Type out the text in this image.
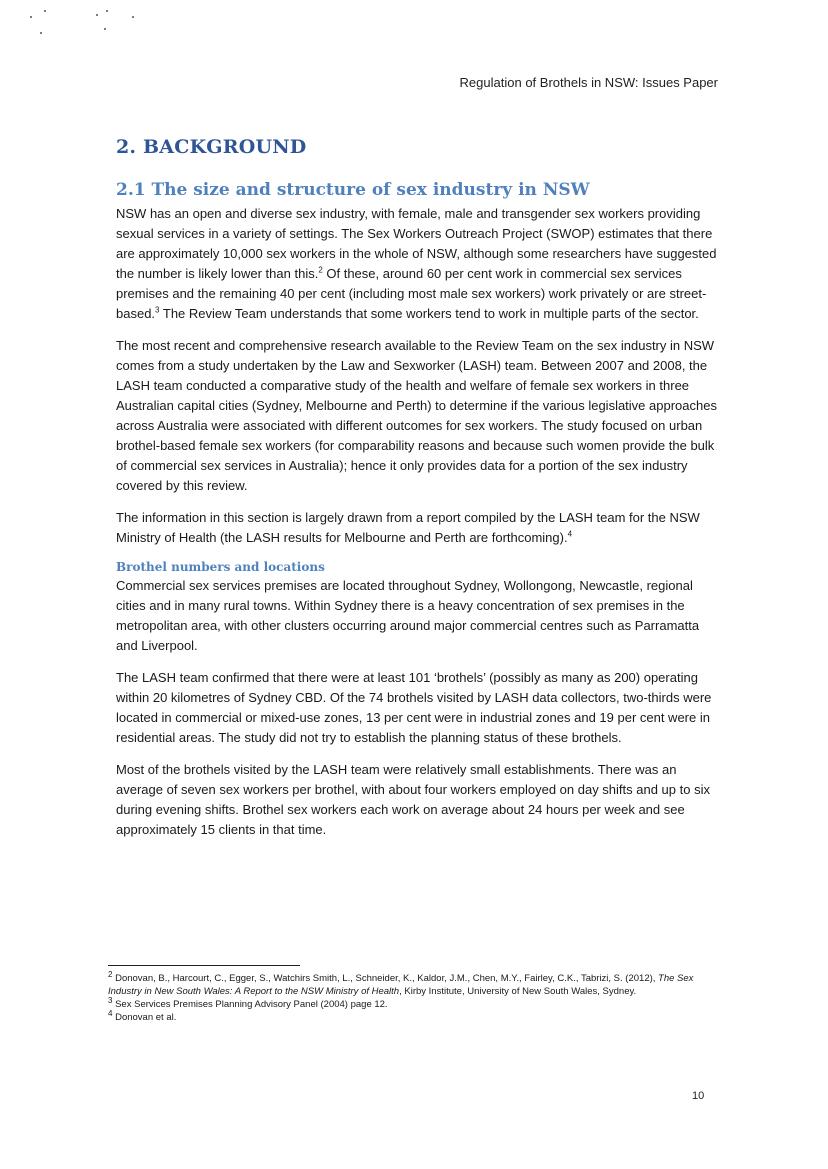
Regulation of Brothels in NSW: Issues Paper
2. BACKGROUND
2.1 The size and structure of sex industry in NSW

NSW has an open and diverse sex industry, with female, male and transgender sex workers providing sexual services in a variety of settings. The Sex Workers Outreach Project (SWOP) estimates that there are approximately 10,000 sex workers in the whole of NSW, although some researchers have suggested the number is likely lower than this.$^2$ Of these, around 60 per cent work in commercial sex services premises and the remaining 40 per cent (including most male sex workers) work privately or are street-based.$^3$ The Review Team understands that some workers tend to work in multiple parts of the sector.

The most recent and comprehensive research available to the Review Team on the sex industry in NSW comes from a study undertaken by the Law and Sexworker (LASH) team. Between 2007 and 2008, the LASH team conducted a comparative study of the health and welfare of female sex workers in three Australian capital cities (Sydney, Melbourne and Perth) to determine if the various legislative approaches across Australia were associated with different outcomes for sex workers. The study focused on urban brothel-based female sex workers (for comparability reasons and because such women provide the bulk of commercial sex services in Australia); hence it only provides data for a portion of the sex industry covered by this review.

The information in this section is largely drawn from a report compiled by the LASH team for the NSW Ministry of Health (the LASH results for Melbourne and Perth are forthcoming).$^4$

Brothel numbers and locations

Commercial sex services premises are located throughout Sydney, Wollongong, Newcastle, regional cities and in many rural towns. Within Sydney there is a heavy concentration of sex premises in the metropolitan area, with other clusters occurring around major commercial centres such as Parramatta and Liverpool.

The LASH team confirmed that there were at least 101 ‘brothels’ (possibly as many as 200) operating within 20 kilometres of Sydney CBD. Of the 74 brothels visited by LASH data collectors, two-thirds were located in commercial or mixed-use zones, 13 per cent were in industrial zones and 19 per cent were in residential areas. The study did not try to establish the planning status of these brothels.

Most of the brothels visited by the LASH team were relatively small establishments. There was an average of seven sex workers per brothel, with about four workers employed on day shifts and up to six during evening shifts. Brothel sex workers each work on average about 24 hours per week and see approximately 15 clients in that time.

$^2$ Donovan, B., Harcourt, C., Egger, S., Watchirs Smith, L., Schneider, K., Kaldor, J.M., Chen, M.Y., Fairley, C.K., Tabrizi, S. (2012), The Sex Industry in New South Wales: A Report to the NSW Ministry of Health, Kirby Institute, University of New South Wales, Sydney.

$^3$ Sex Services Premises Planning Advisory Panel (2004) page 12.

$^4$ Donovan et al.

10
